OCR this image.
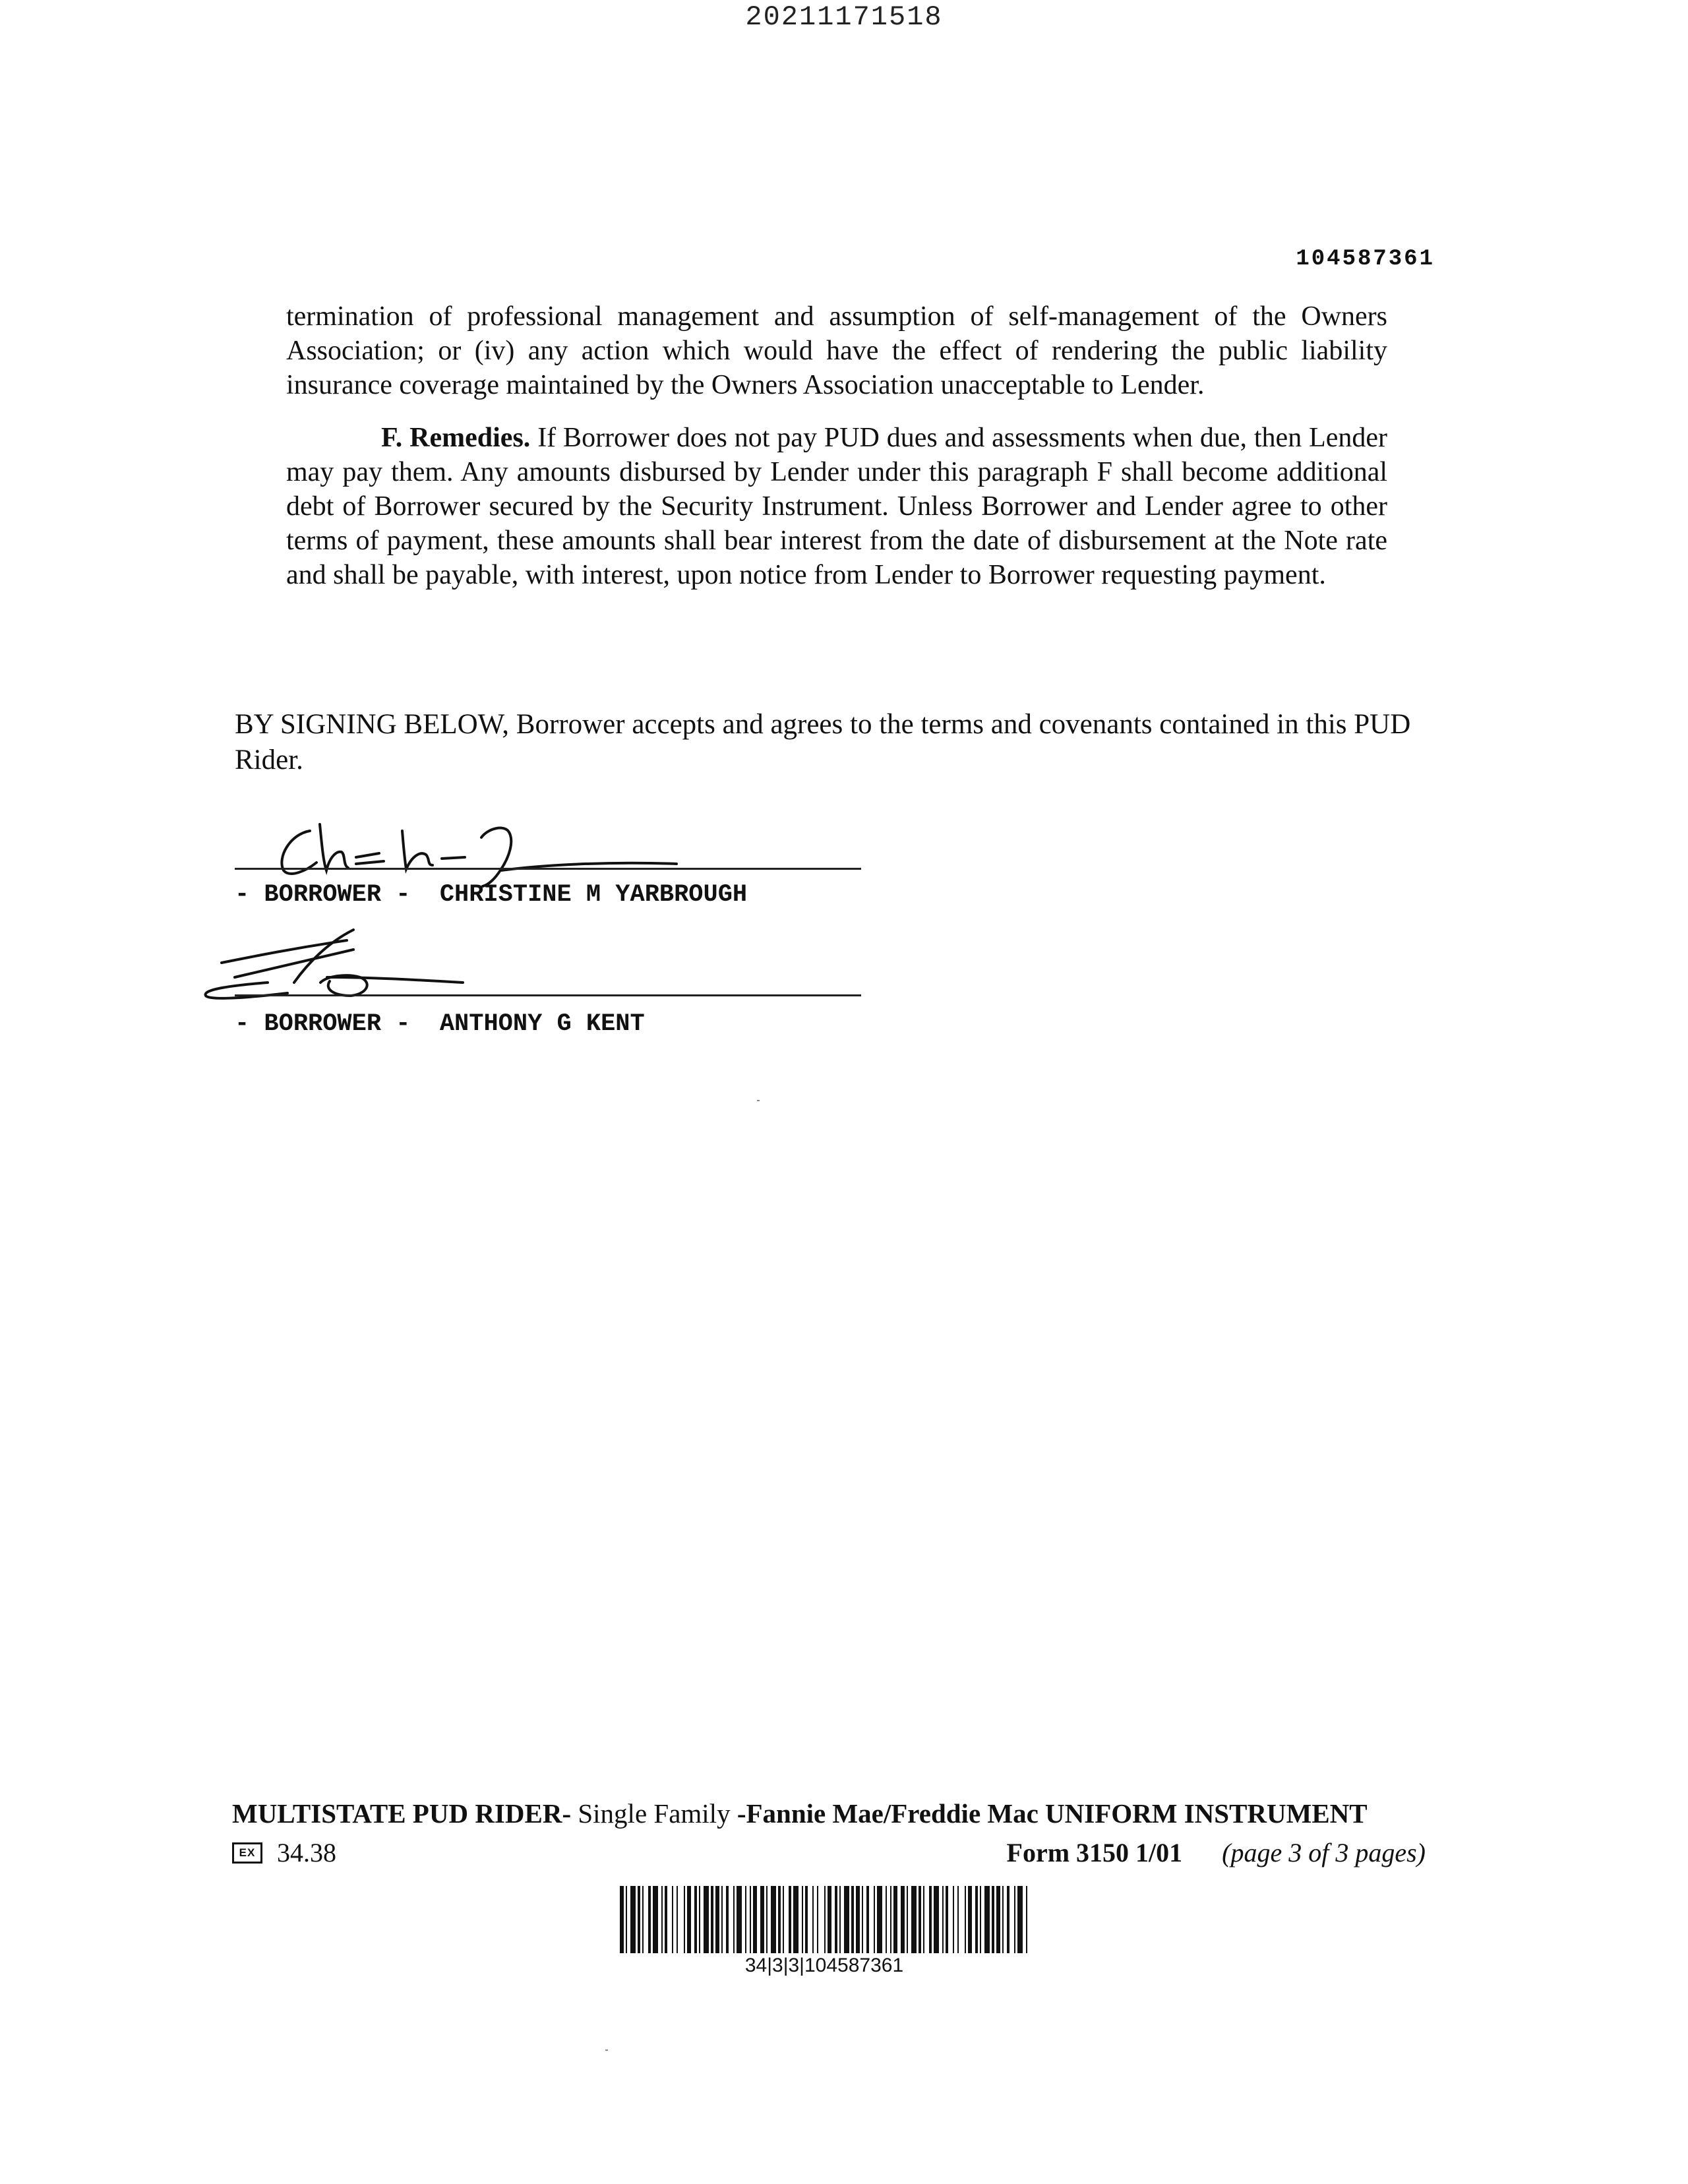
20211171518
104587361

termination of professional management and assumption of self-management of the Owners Association; or (iv) any action which would have the effect of rendering the public liability insurance coverage maintained by the Owners Association unacceptable to Lender.

F. Remedies. If Borrower does not pay PUD dues and assessments when due, then Lender may pay them. Any amounts disbursed by Lender under this paragraph F shall become additional debt of Borrower secured by the Security Instrument. Unless Borrower and Lender agree to other terms of payment, these amounts shall bear interest from the date of disbursement at the Note rate and shall be payable, with interest, upon notice from Lender to Borrower requesting payment.

BY SIGNING BELOW, Borrower accepts and agrees to the terms and covenants contained in this PUD Rider.

- BORROWER -  CHRISTINE M YARBROUGH
- BORROWER -  ANTHONY G KENT
MULTISTATE PUD RIDER- Single Family -Fannie Mae/Freddie Mac UNIFORM INSTRUMENT
EX 34.38	Form 3150 1/01 (page 3 of 3 pages)
34|3|3|104587361
